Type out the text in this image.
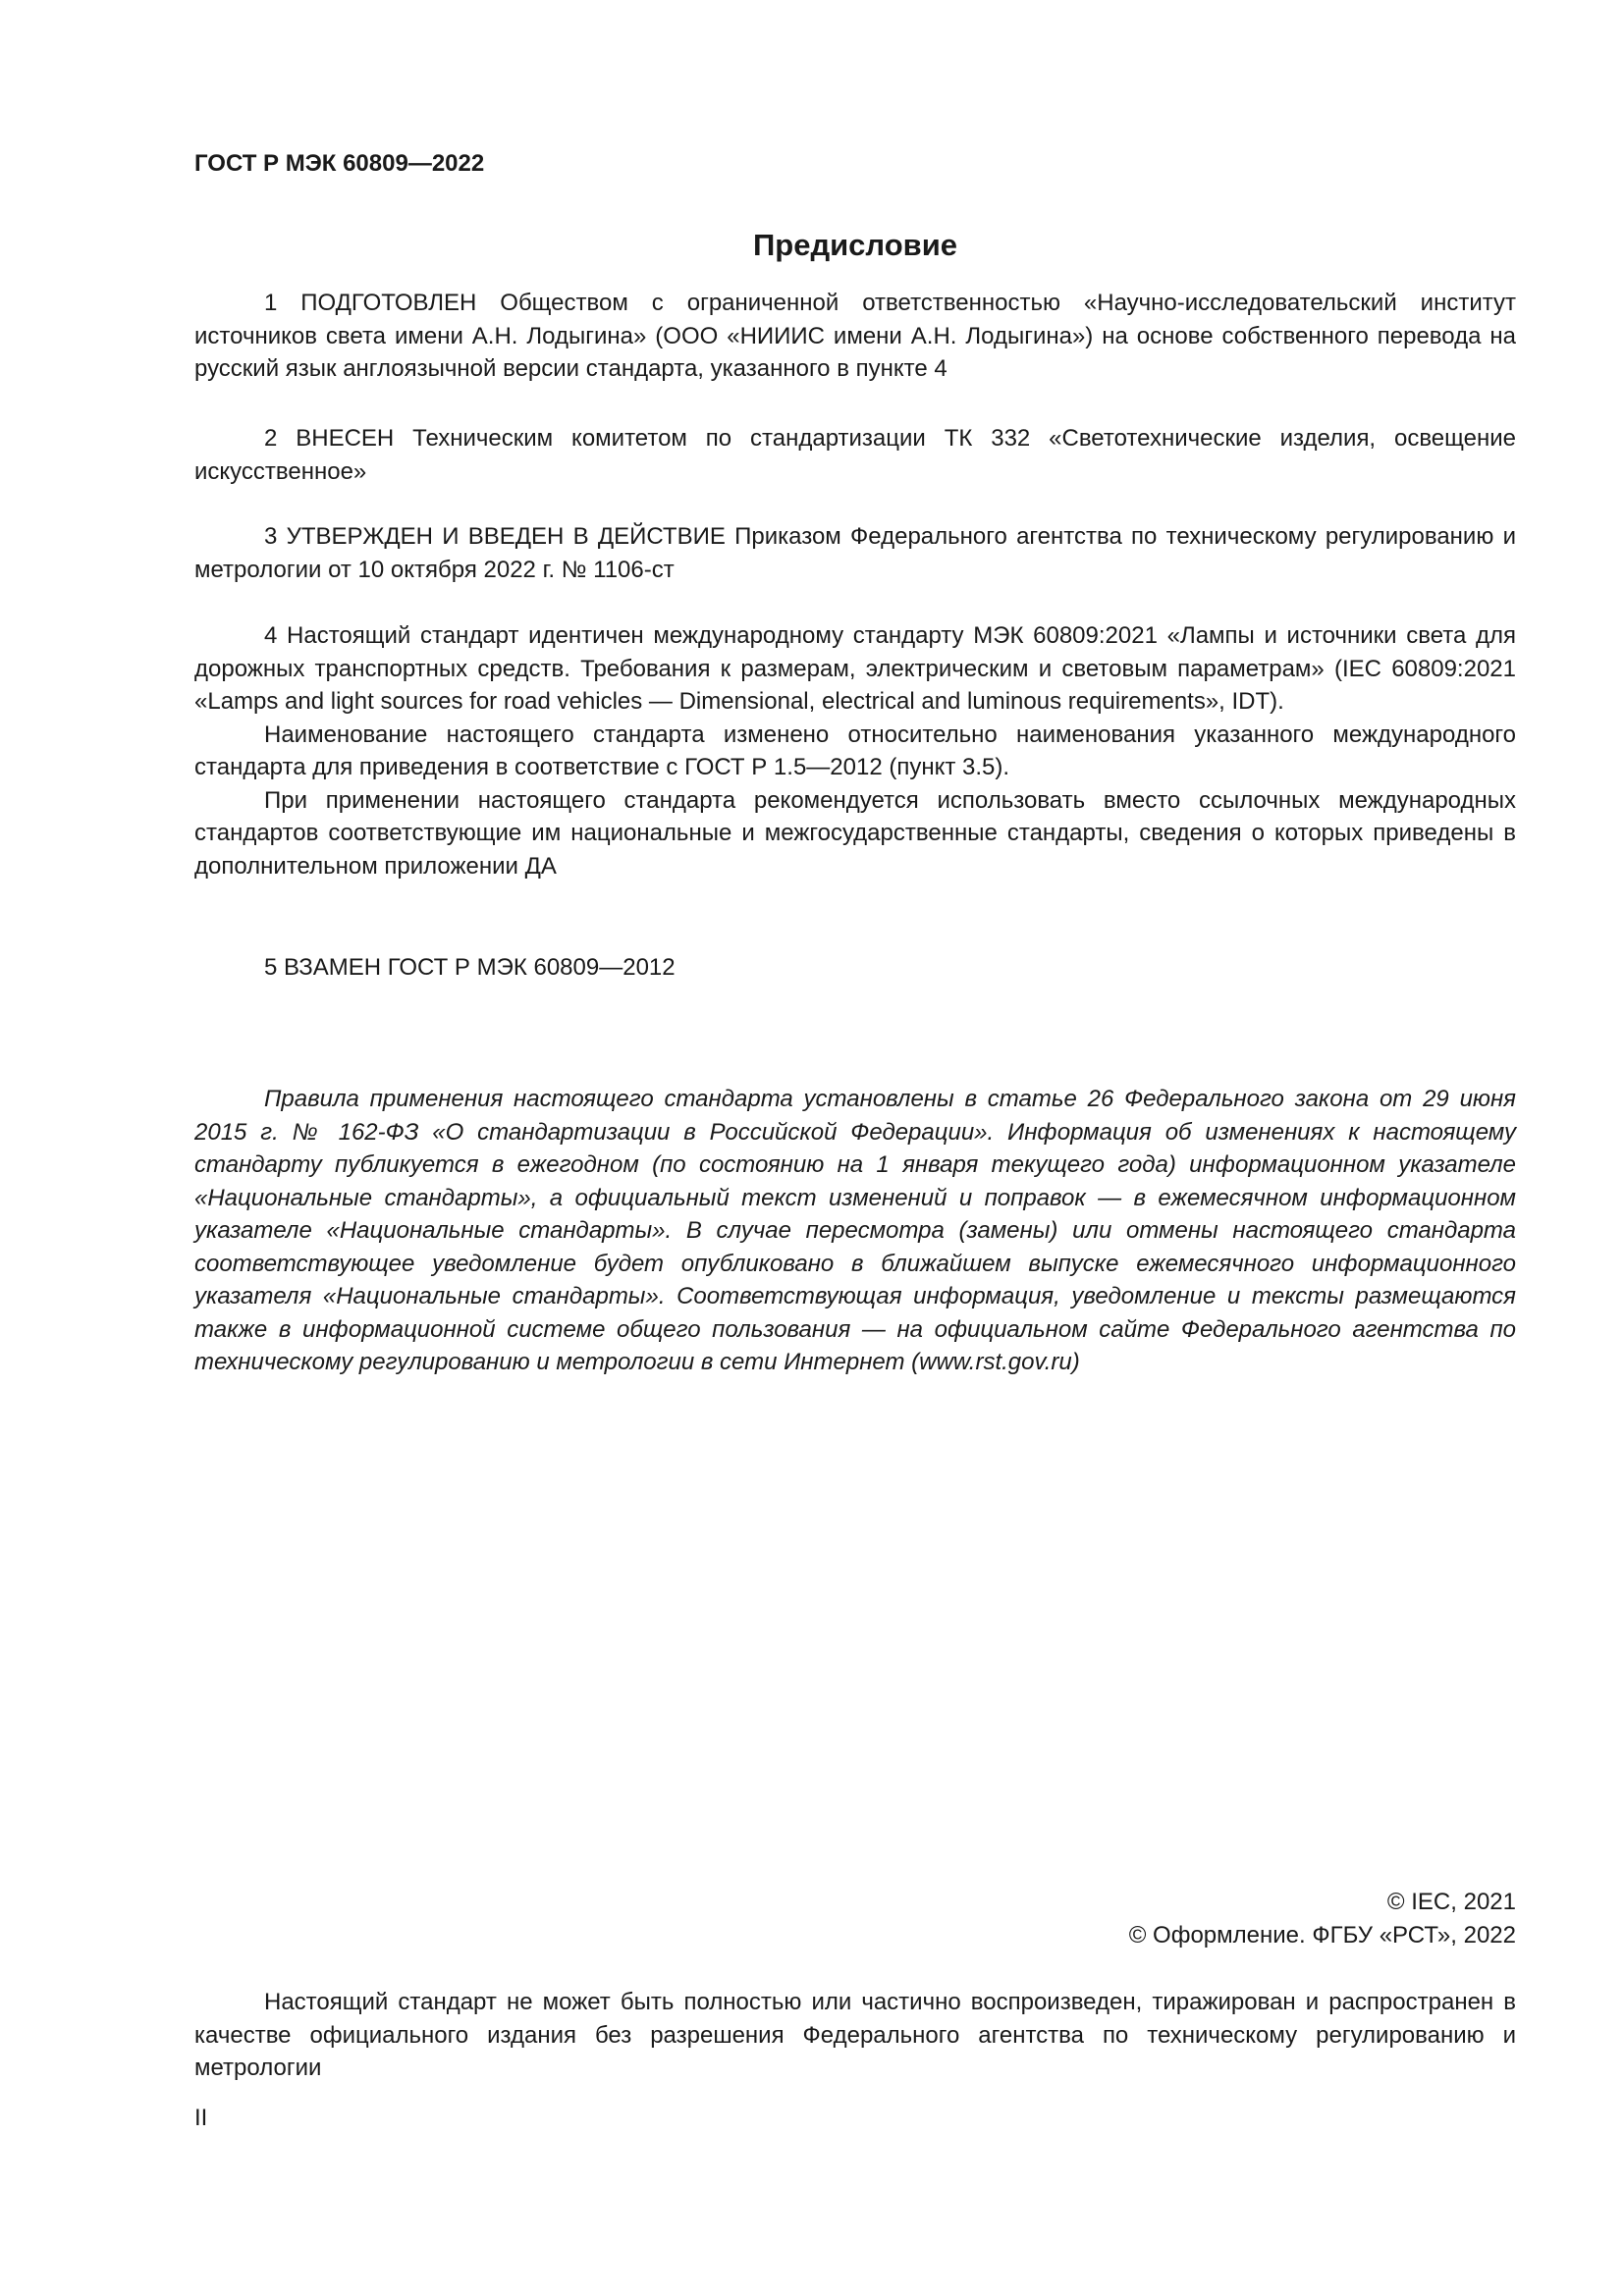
ГОСТ Р МЭК 60809—2022
Предисловие

1 ПОДГОТОВЛЕН Обществом с ограниченной ответственностью «Научно-исследовательский институт источников света имени А.Н. Лодыгина» (ООО «НИИИС имени А.Н. Лодыгина») на основе собственного перевода на русский язык англоязычной версии стандарта, указанного в пункте 4

2 ВНЕСЕН Техническим комитетом по стандартизации ТК 332 «Светотехнические изделия, освещение искусственное»

3 УТВЕРЖДЕН И ВВЕДЕН В ДЕЙСТВИЕ Приказом Федерального агентства по техническому регулированию и метрологии от 10 октября 2022 г. № 1106-ст

4 Настоящий стандарт идентичен международному стандарту МЭК 60809:2021 «Лампы и источники света для дорожных транспортных средств. Требования к размерам, электрическим и световым параметрам» (IEC 60809:2021 «Lamps and light sources for road vehicles — Dimensional, electrical and luminous requirements», IDT).

Наименование настоящего стандарта изменено относительно наименования указанного международного стандарта для приведения в соответствие с ГОСТ Р 1.5—2012 (пункт 3.5).

При применении настоящего стандарта рекомендуется использовать вместо ссылочных международных стандартов соответствующие им национальные и межгосударственные стандарты, сведения о которых приведены в дополнительном приложении ДА

5 ВЗАМЕН ГОСТ Р МЭК 60809—2012

Правила применения настоящего стандарта установлены в статье 26 Федерального закона от 29 июня 2015 г. № 162-ФЗ «О стандартизации в Российской Федерации». Информация об изменениях к настоящему стандарту публикуется в ежегодном (по состоянию на 1 января текущего года) информационном указателе «Национальные стандарты», а официальный текст изменений и поправок — в ежемесячном информационном указателе «Национальные стандарты». В случае пересмотра (замены) или отмены настоящего стандарта соответствующее уведомление будет опубликовано в ближайшем выпуске ежемесячного информационного указателя «Национальные стандарты». Соответствующая информация, уведомление и тексты размещаются также в информационной системе общего пользования — на официальном сайте Федерального агентства по техническому регулированию и метрологии в сети Интернет (www.rst.gov.ru)

© IEC, 2021
© Оформление. ФГБУ «РСТ», 2022

Настоящий стандарт не может быть полностью или частично воспроизведен, тиражирован и распространен в качестве официального издания без разрешения Федерального агентства по техническому регулированию и метрологии

II
